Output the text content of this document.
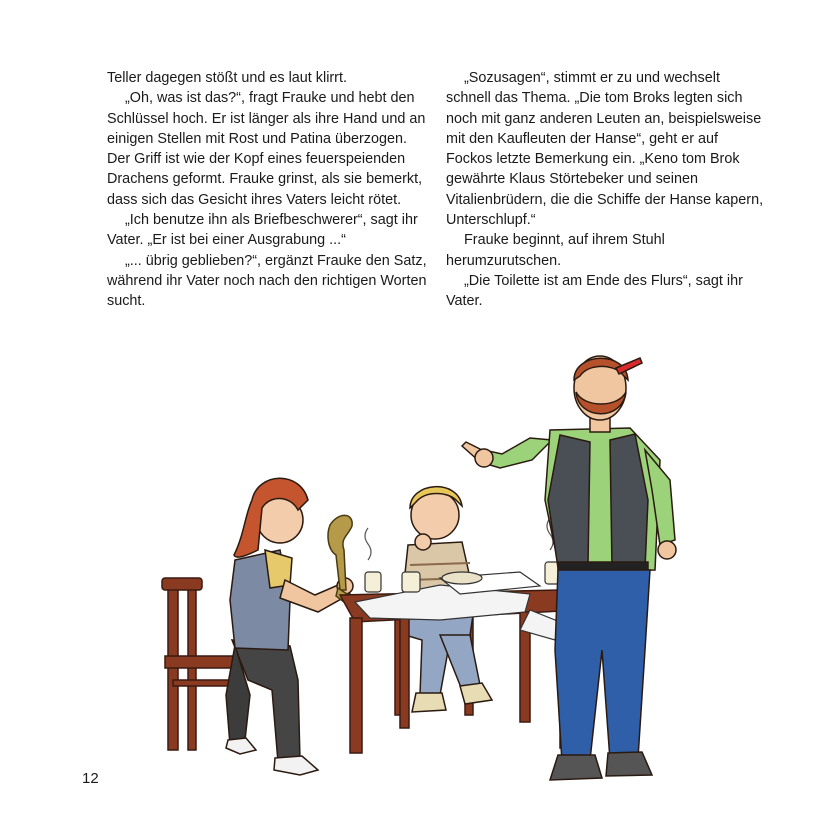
Teller dagegen stößt und es laut klirrt.

„Oh, was ist das?“, fragt Frauke und hebt den Schlüssel hoch. Er ist länger als ihre Hand und an einigen Stellen mit Rost und Patina überzogen. Der Griff ist wie der Kopf eines feuerspeienden Drachens geformt. Frauke grinst, als sie bemerkt, dass sich das Gesicht ihres Vaters leicht rötet.

„Ich benutze ihn als Briefbeschwerer“, sagt ihr Vater. „Er ist bei einer Ausgrabung ...“

„... übrig geblieben?“, ergänzt Frauke den Satz, während ihr Vater noch nach den richtigen Worten sucht.

„Sozusagen“, stimmt er zu und wechselt schnell das Thema. „Die tom Broks legten sich noch mit ganz anderen Leuten an, beispielsweise mit den Kaufleuten der Hanse“, geht er auf Fockos letzte Bemerkung ein. „Keno tom Brok gewährte Klaus Störtebeker und seinen Vitalienbrüdern, die die Schiffe der Hanse kapern, Unterschlupf.“

Frauke beginnt, auf ihrem Stuhl herumzurutschen.

„Die Toilette ist am Ende des Flurs“, sagt ihr Vater.

12
